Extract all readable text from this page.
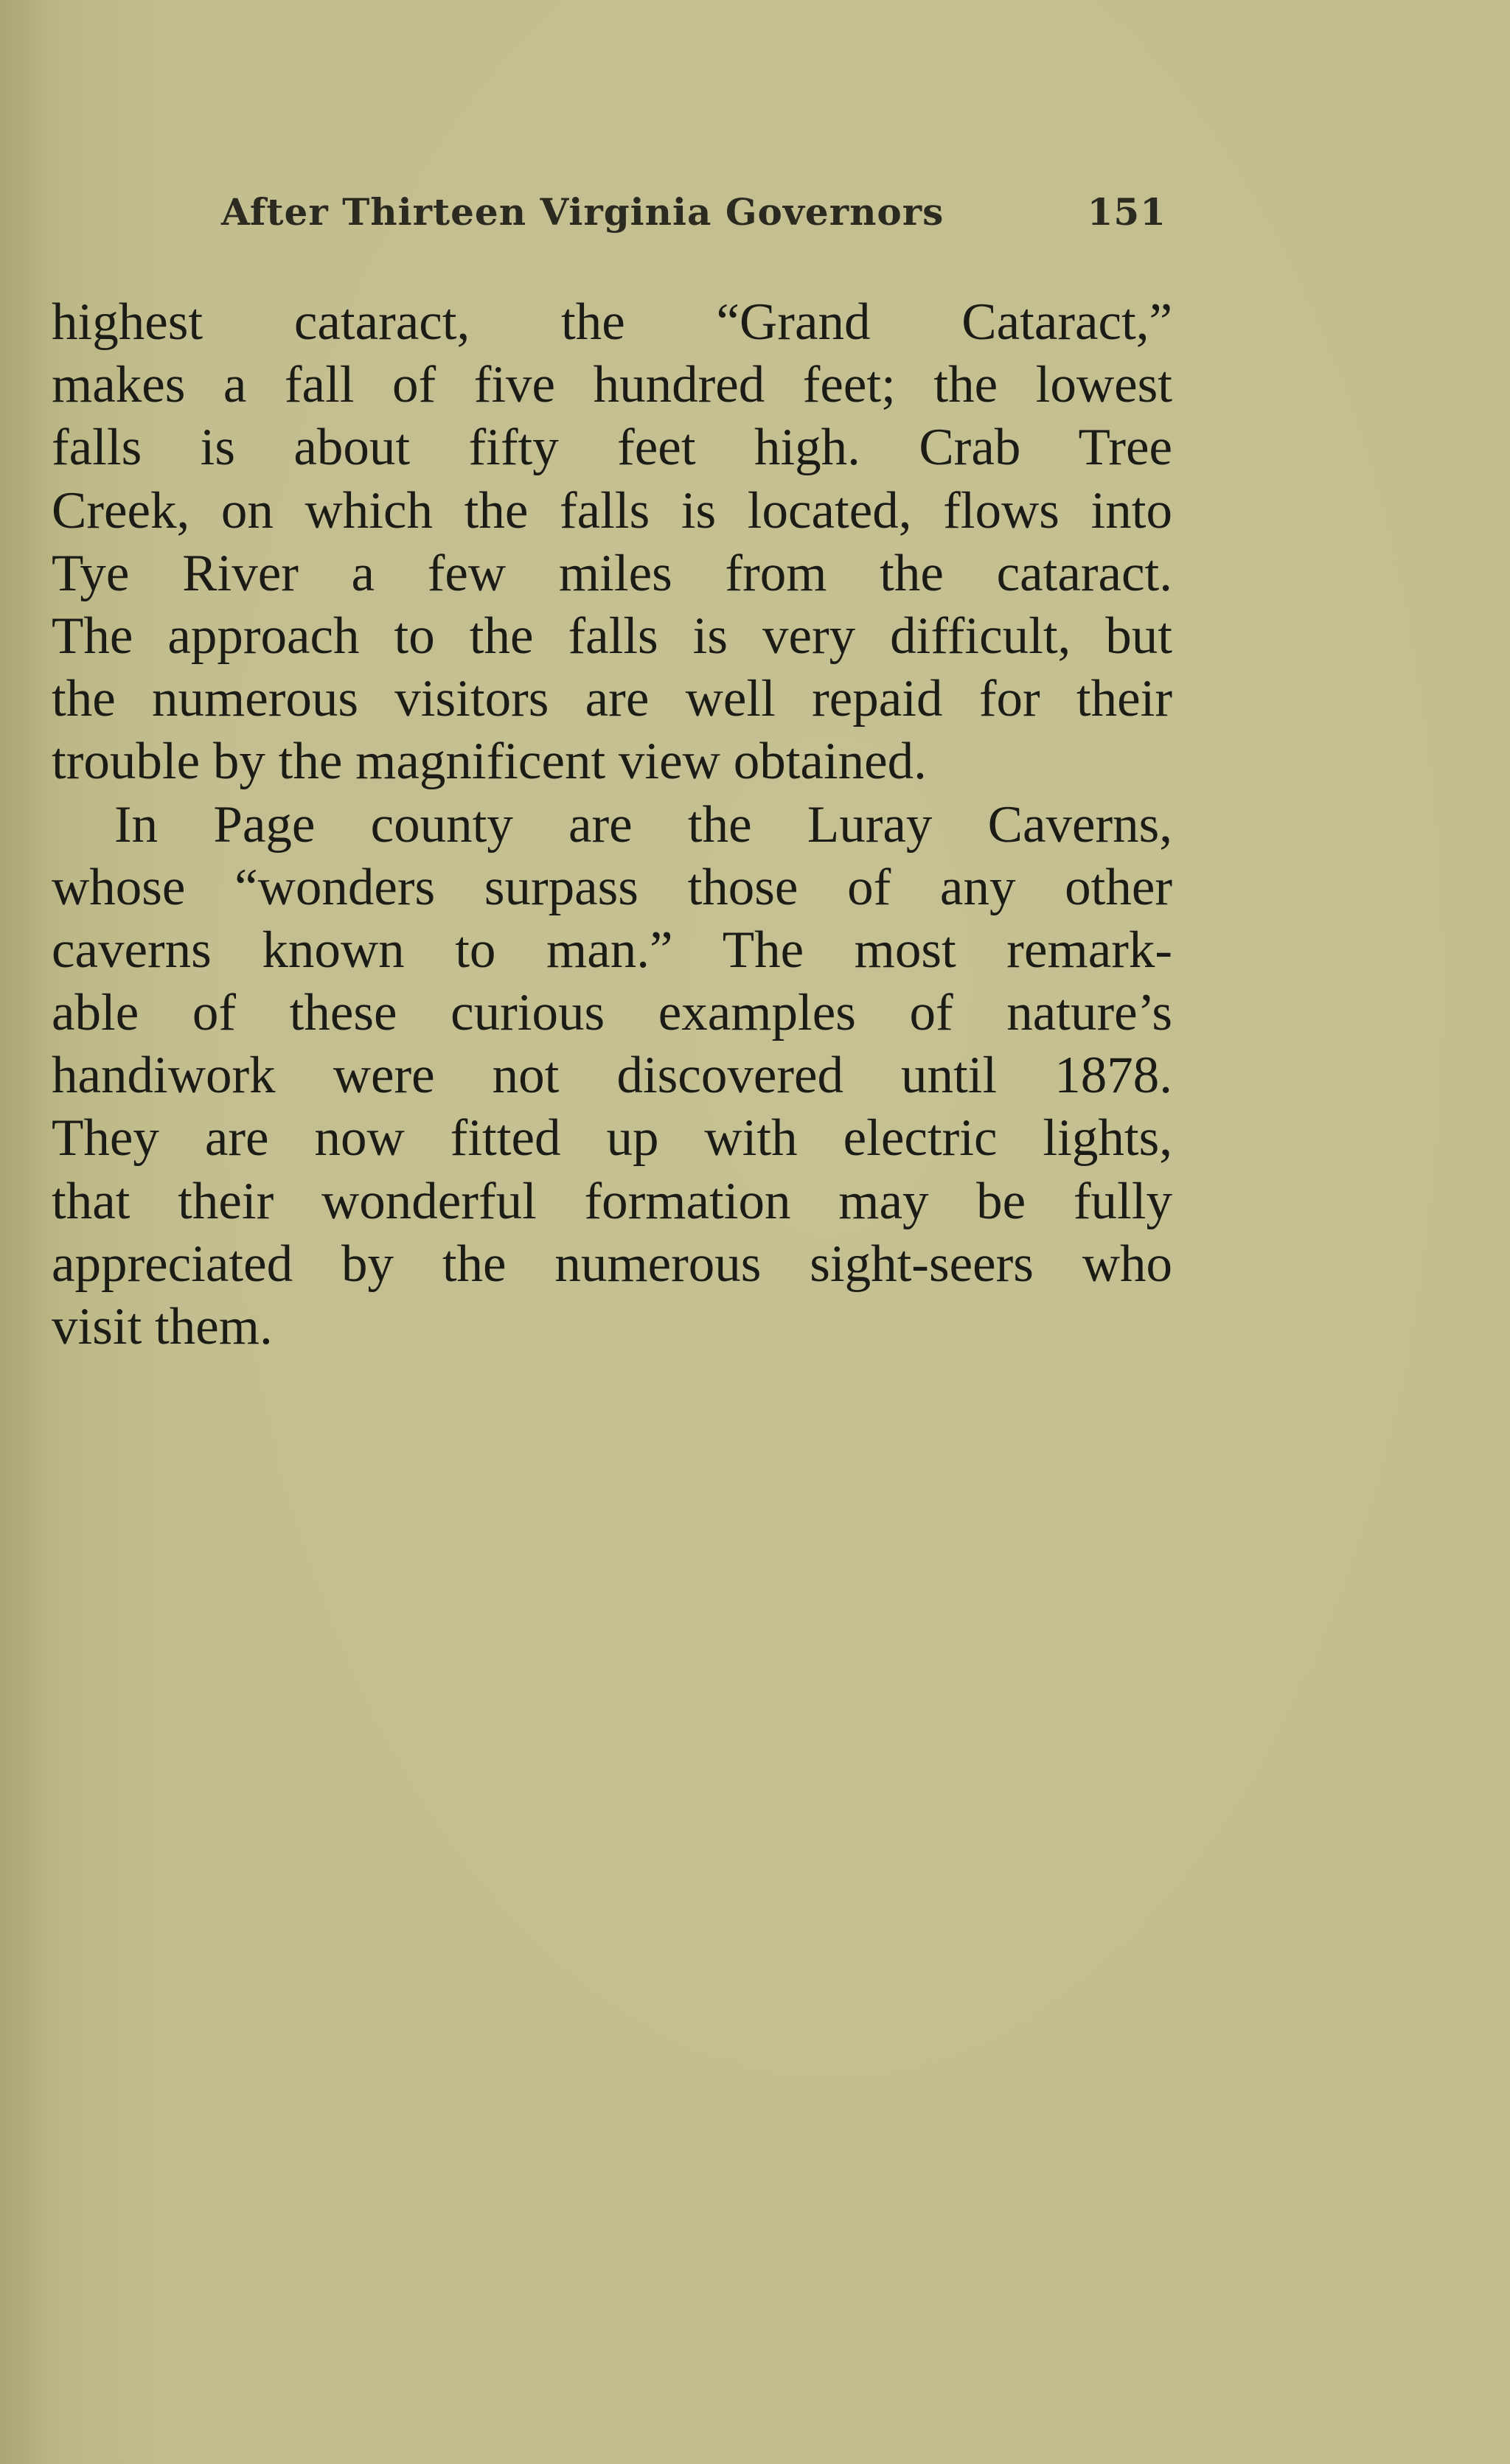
After Thirteen Virginia Governors	151
highest cataract, the “Grand Cataract,”
makes a fall of five hundred feet; the lowest
falls is about fifty feet high. Crab Tree
Creek, on which the falls is located, flows into
Tye River a few miles from the cataract.
The approach to the falls is very difficult, but
the numerous visitors are well repaid for their
trouble by the magnificent view obtained.
In Page county are the Luray Caverns,
whose “wonders surpass those of any other
caverns known to man.” The most remark-
able of these curious examples of nature’s
handiwork were not discovered until 1878.
They are now fitted up with electric lights,
that their wonderful formation may be fully
appreciated by the numerous sight-seers who
visit them.
